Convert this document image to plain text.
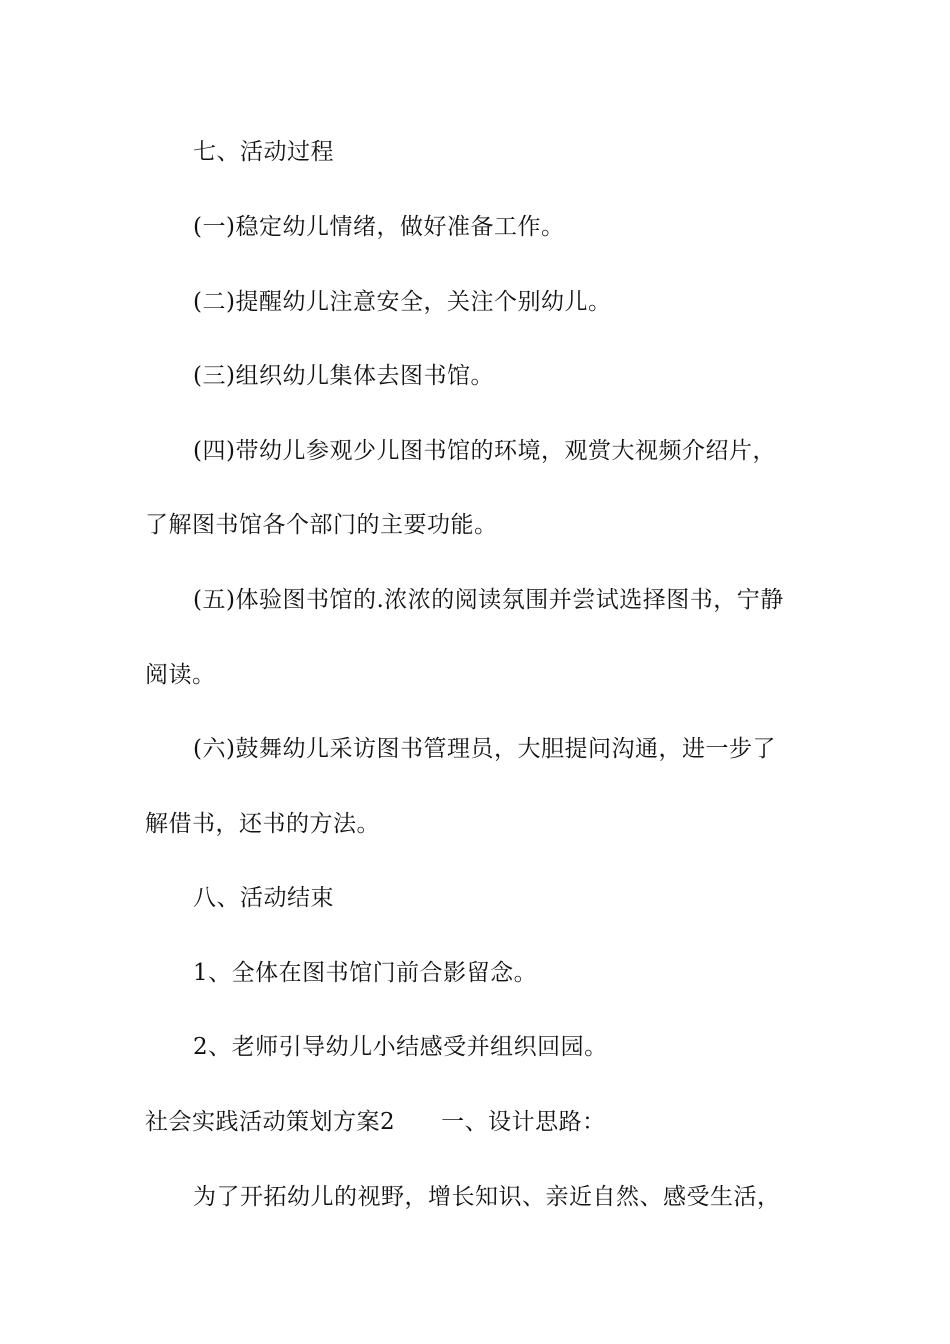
七、活动过程
(一)稳定幼儿情绪，做好准备工作。
(二)提醒幼儿注意安全，关注个别幼儿。
(三)组织幼儿集体去图书馆。
(四)带幼儿参观少儿图书馆的环境，观赏大视频介绍片，
了解图书馆各个部门的主要功能。
(五)体验图书馆的.浓浓的阅读氛围并尝试选择图书，宁静
阅读。
(六)鼓舞幼儿采访图书管理员，大胆提问沟通，进一步了
解借书，还书的方法。
八、活动结束
1、全体在图书馆门前合影留念。
2、老师引导幼儿小结感受并组织回园。
社会实践活动策划方案2 一、设计思路：
为了开拓幼儿的视野，增长知识、亲近自然、感受生活，
